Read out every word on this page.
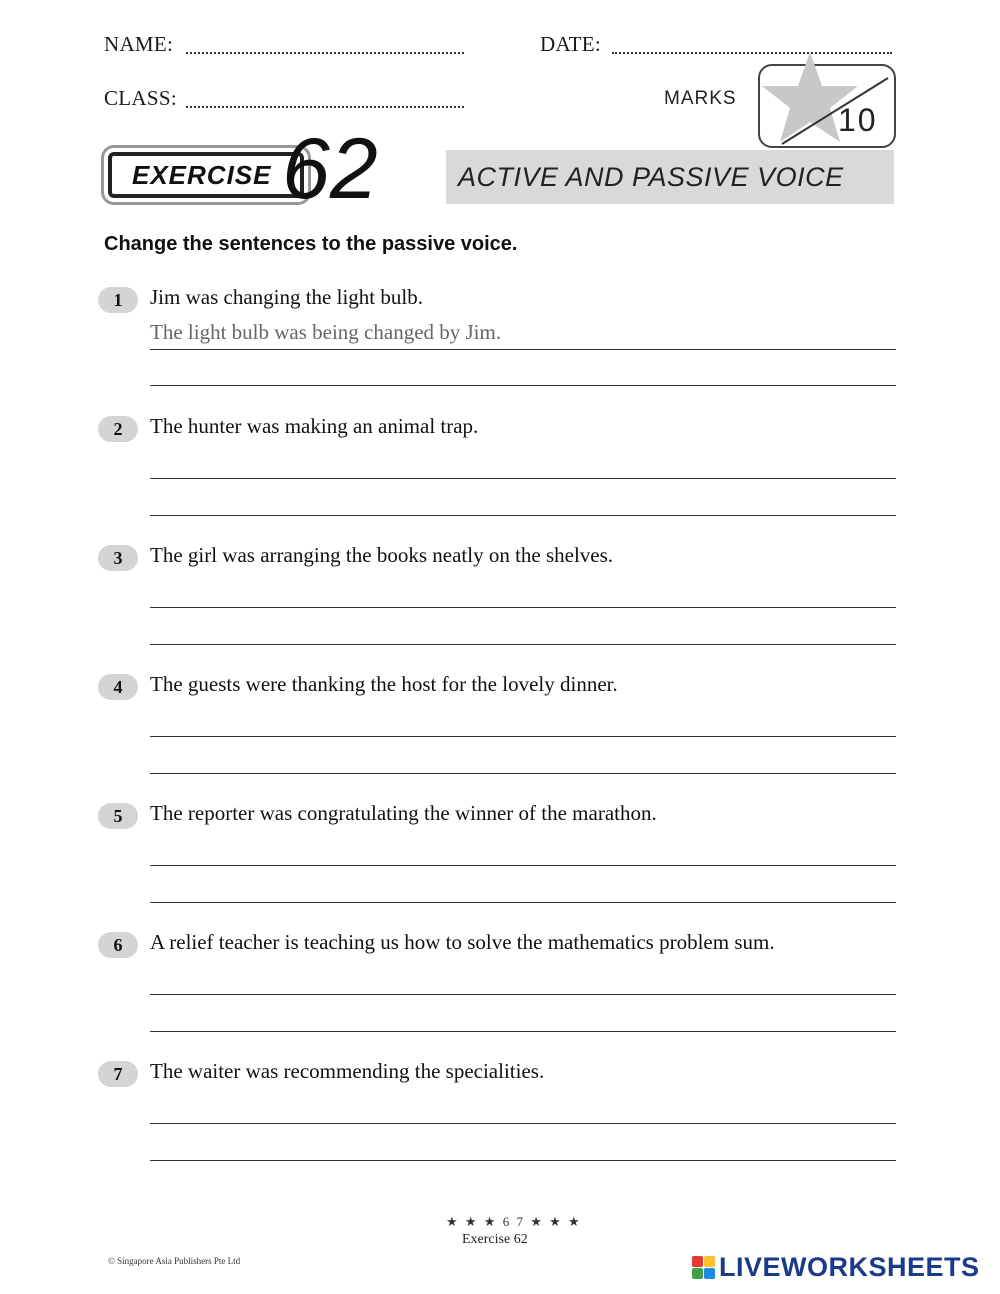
NAME:	DATE:
CLASS:	MARKS
10
EXERCISE 62	ACTIVE AND PASSIVE VOICE
Change the sentences to the passive voice.
1	Jim was changing the light bulb.
The light bulb was being changed by Jim.
2	The hunter was making an animal trap.
3	The girl was arranging the books neatly on the shelves.
4	The guests were thanking the host for the lovely dinner.
5	The reporter was congratulating the winner of the marathon.
6	A relief teacher is teaching us how to solve the mathematics problem sum.
7	The waiter was recommending the specialities.
★ ★ ★ 6 7 ★ ★ ★
Exercise 62
© Singapore Asia Publishers Pte Ltd	LIVEWORKSHEETS
